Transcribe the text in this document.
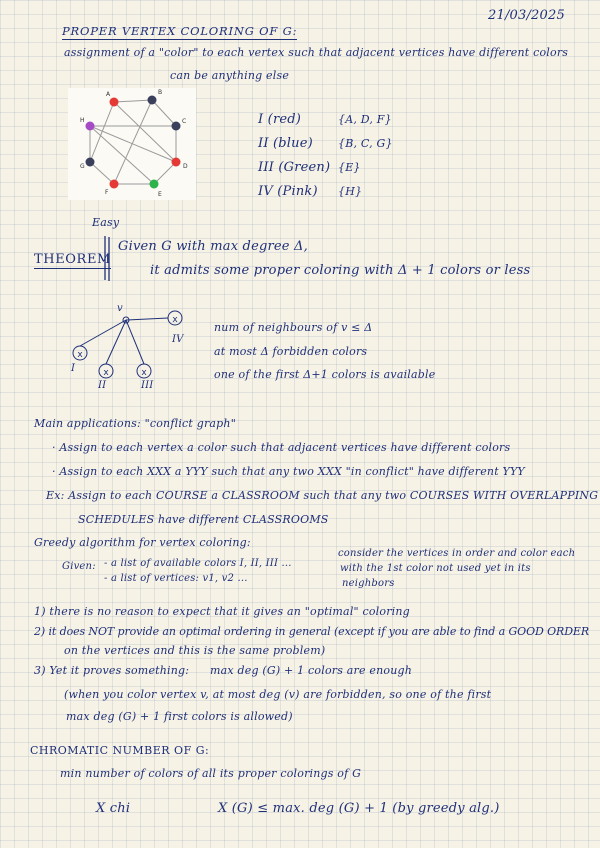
21/03/2025
PROPER VERTEX COLORING OF G:
assignment of a "color" to each vertex such that adjacent vertices have different colors
can be anything else
A	B
C
D
E
F
G
H	I (red)	{A, D, F}
II (blue) {B, C, G}
III (Green) {E}
IV (Pink) {H}
Easy
THEOREM
Given G with max degree Δ,
it admits some proper coloring with Δ + 1 colors or less
x
x	x
x
v
I
II	III
IV
num of neighbours of v ≤ Δ
at most Δ forbidden colors
one of the first Δ+1 colors is available
Main applications: "conflict graph"
· Assign to each vertex a color such that adjacent vertices have different colors
· Assign to each XXX a YYY such that any two XXX "in conflict" have different YYY
Ex: Assign to each COURSE a CLASSROOM such that any two COURSES WITH OVERLAPPING
SCHEDULES have different CLASSROOMS
Greedy algorithm for vertex coloring:
Given: - a list of available colors I, II, III ...
- a list of vertices: v1, v2 ...
consider the vertices in order and color each
with the 1st color not used yet in its
neighbors
1) there is no reason to expect that it gives an "optimal" coloring
2) it does NOT provide an optimal ordering in general (except if you are able to find a GOOD ORDER
on the vertices and this is the same problem)
3) Yet it proves something: max deg (G) + 1 colors are enough
(when you color vertex v, at most deg (v) are forbidden, so one of the first
max deg (G) + 1 first colors is allowed)
CHROMATIC NUMBER OF G:
min number of colors of all its proper colorings of G
X chi	X (G) ≤ max. deg (G) + 1 (by greedy alg.)
